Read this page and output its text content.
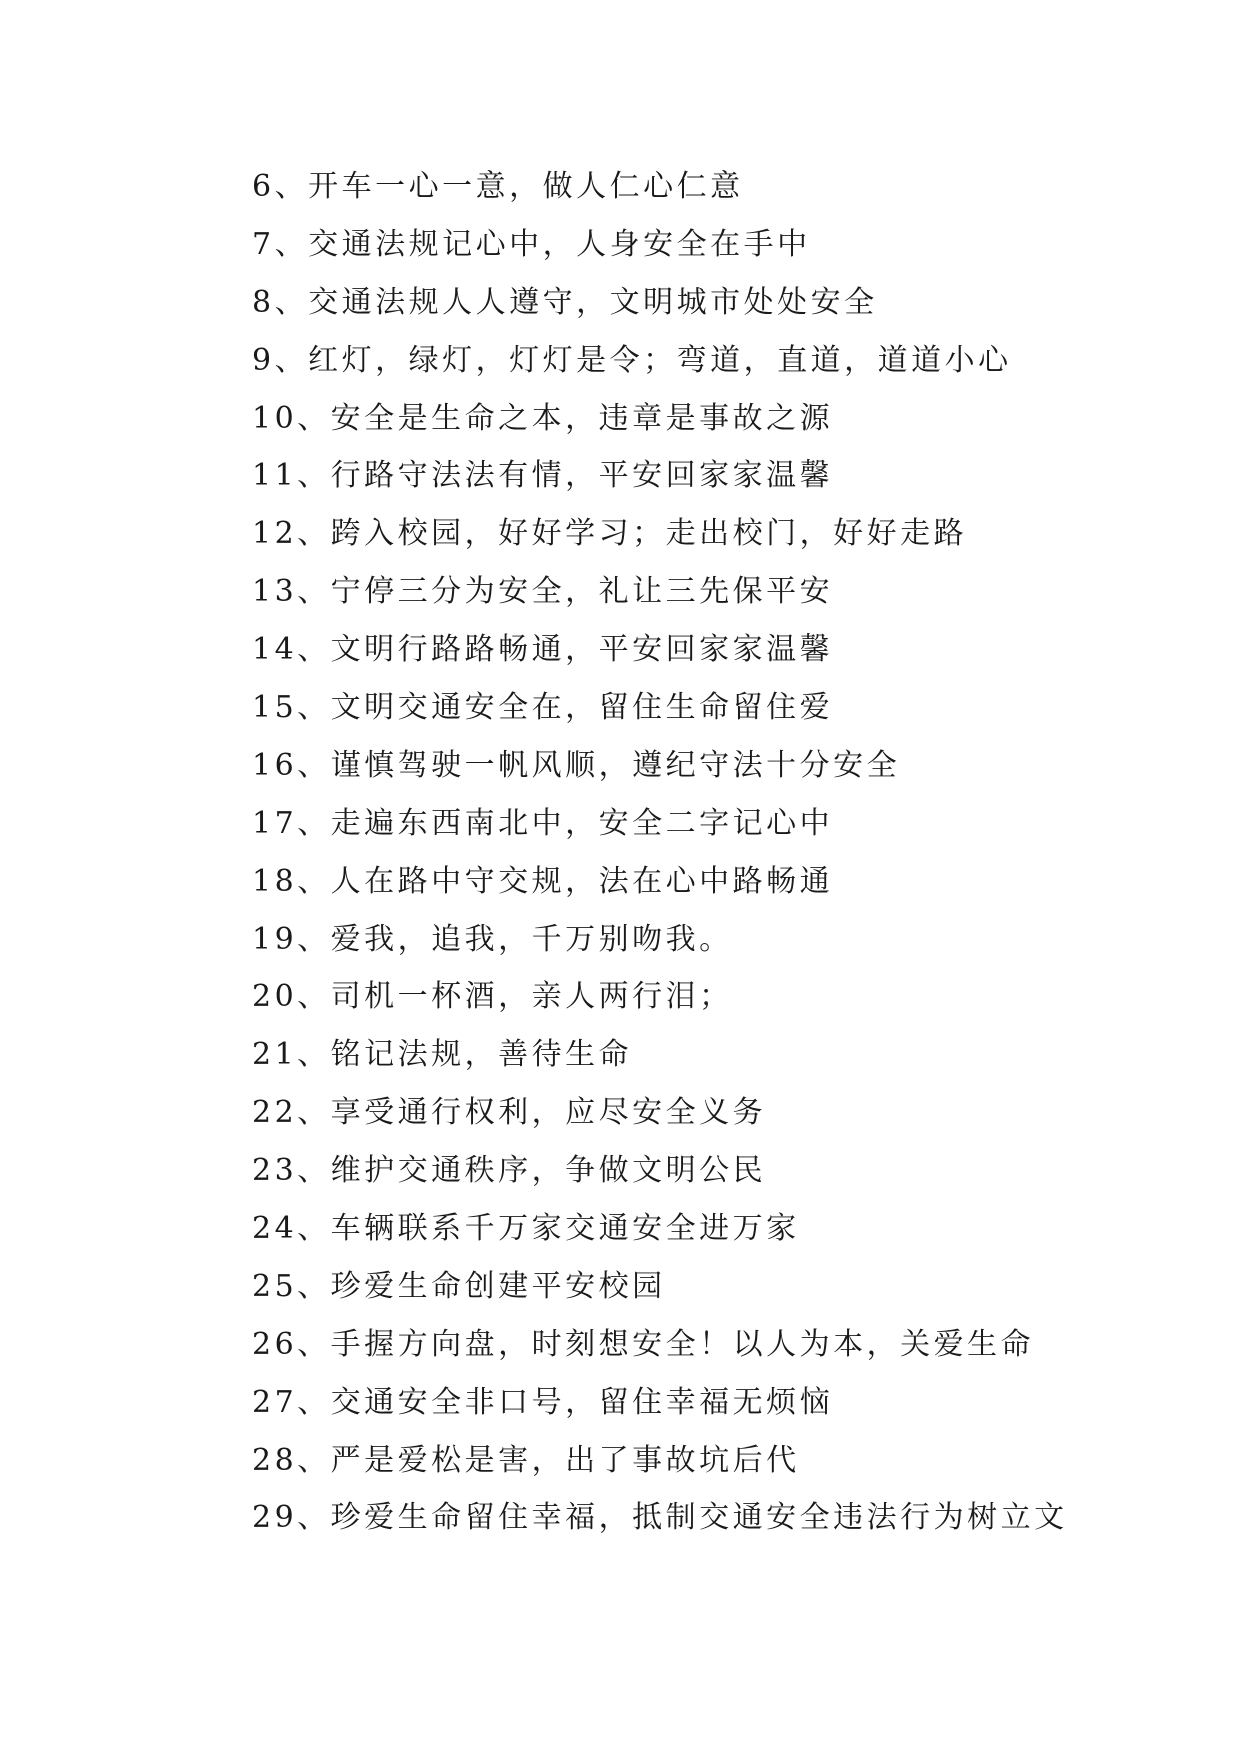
6、开车一心一意，做人仁心仁意
7、交通法规记心中，人身安全在手中
8、交通法规人人遵守，文明城市处处安全
9、红灯，绿灯，灯灯是令；弯道，直道，道道小心
10、安全是生命之本，违章是事故之源
11、行路守法法有情，平安回家家温馨
12、跨入校园，好好学习；走出校门，好好走路
13、宁停三分为安全，礼让三先保平安
14、文明行路路畅通，平安回家家温馨
15、文明交通安全在，留住生命留住爱
16、谨慎驾驶一帆风顺，遵纪守法十分安全
17、走遍东西南北中，安全二字记心中
18、人在路中守交规，法在心中路畅通
19、爱我，追我，千万别吻我。
20、司机一杯酒，亲人两行泪；
21、铭记法规，善待生命
22、享受通行权利，应尽安全义务
23、维护交通秩序，争做文明公民
24、车辆联系千万家交通安全进万家
25、珍爱生命创建平安校园
26、手握方向盘，时刻想安全！以人为本，关爱生命
27、交通安全非口号，留住幸福无烦恼
28、严是爱松是害，出了事故坑后代
29、珍爱生命留住幸福，抵制交通安全违法行为树立文
